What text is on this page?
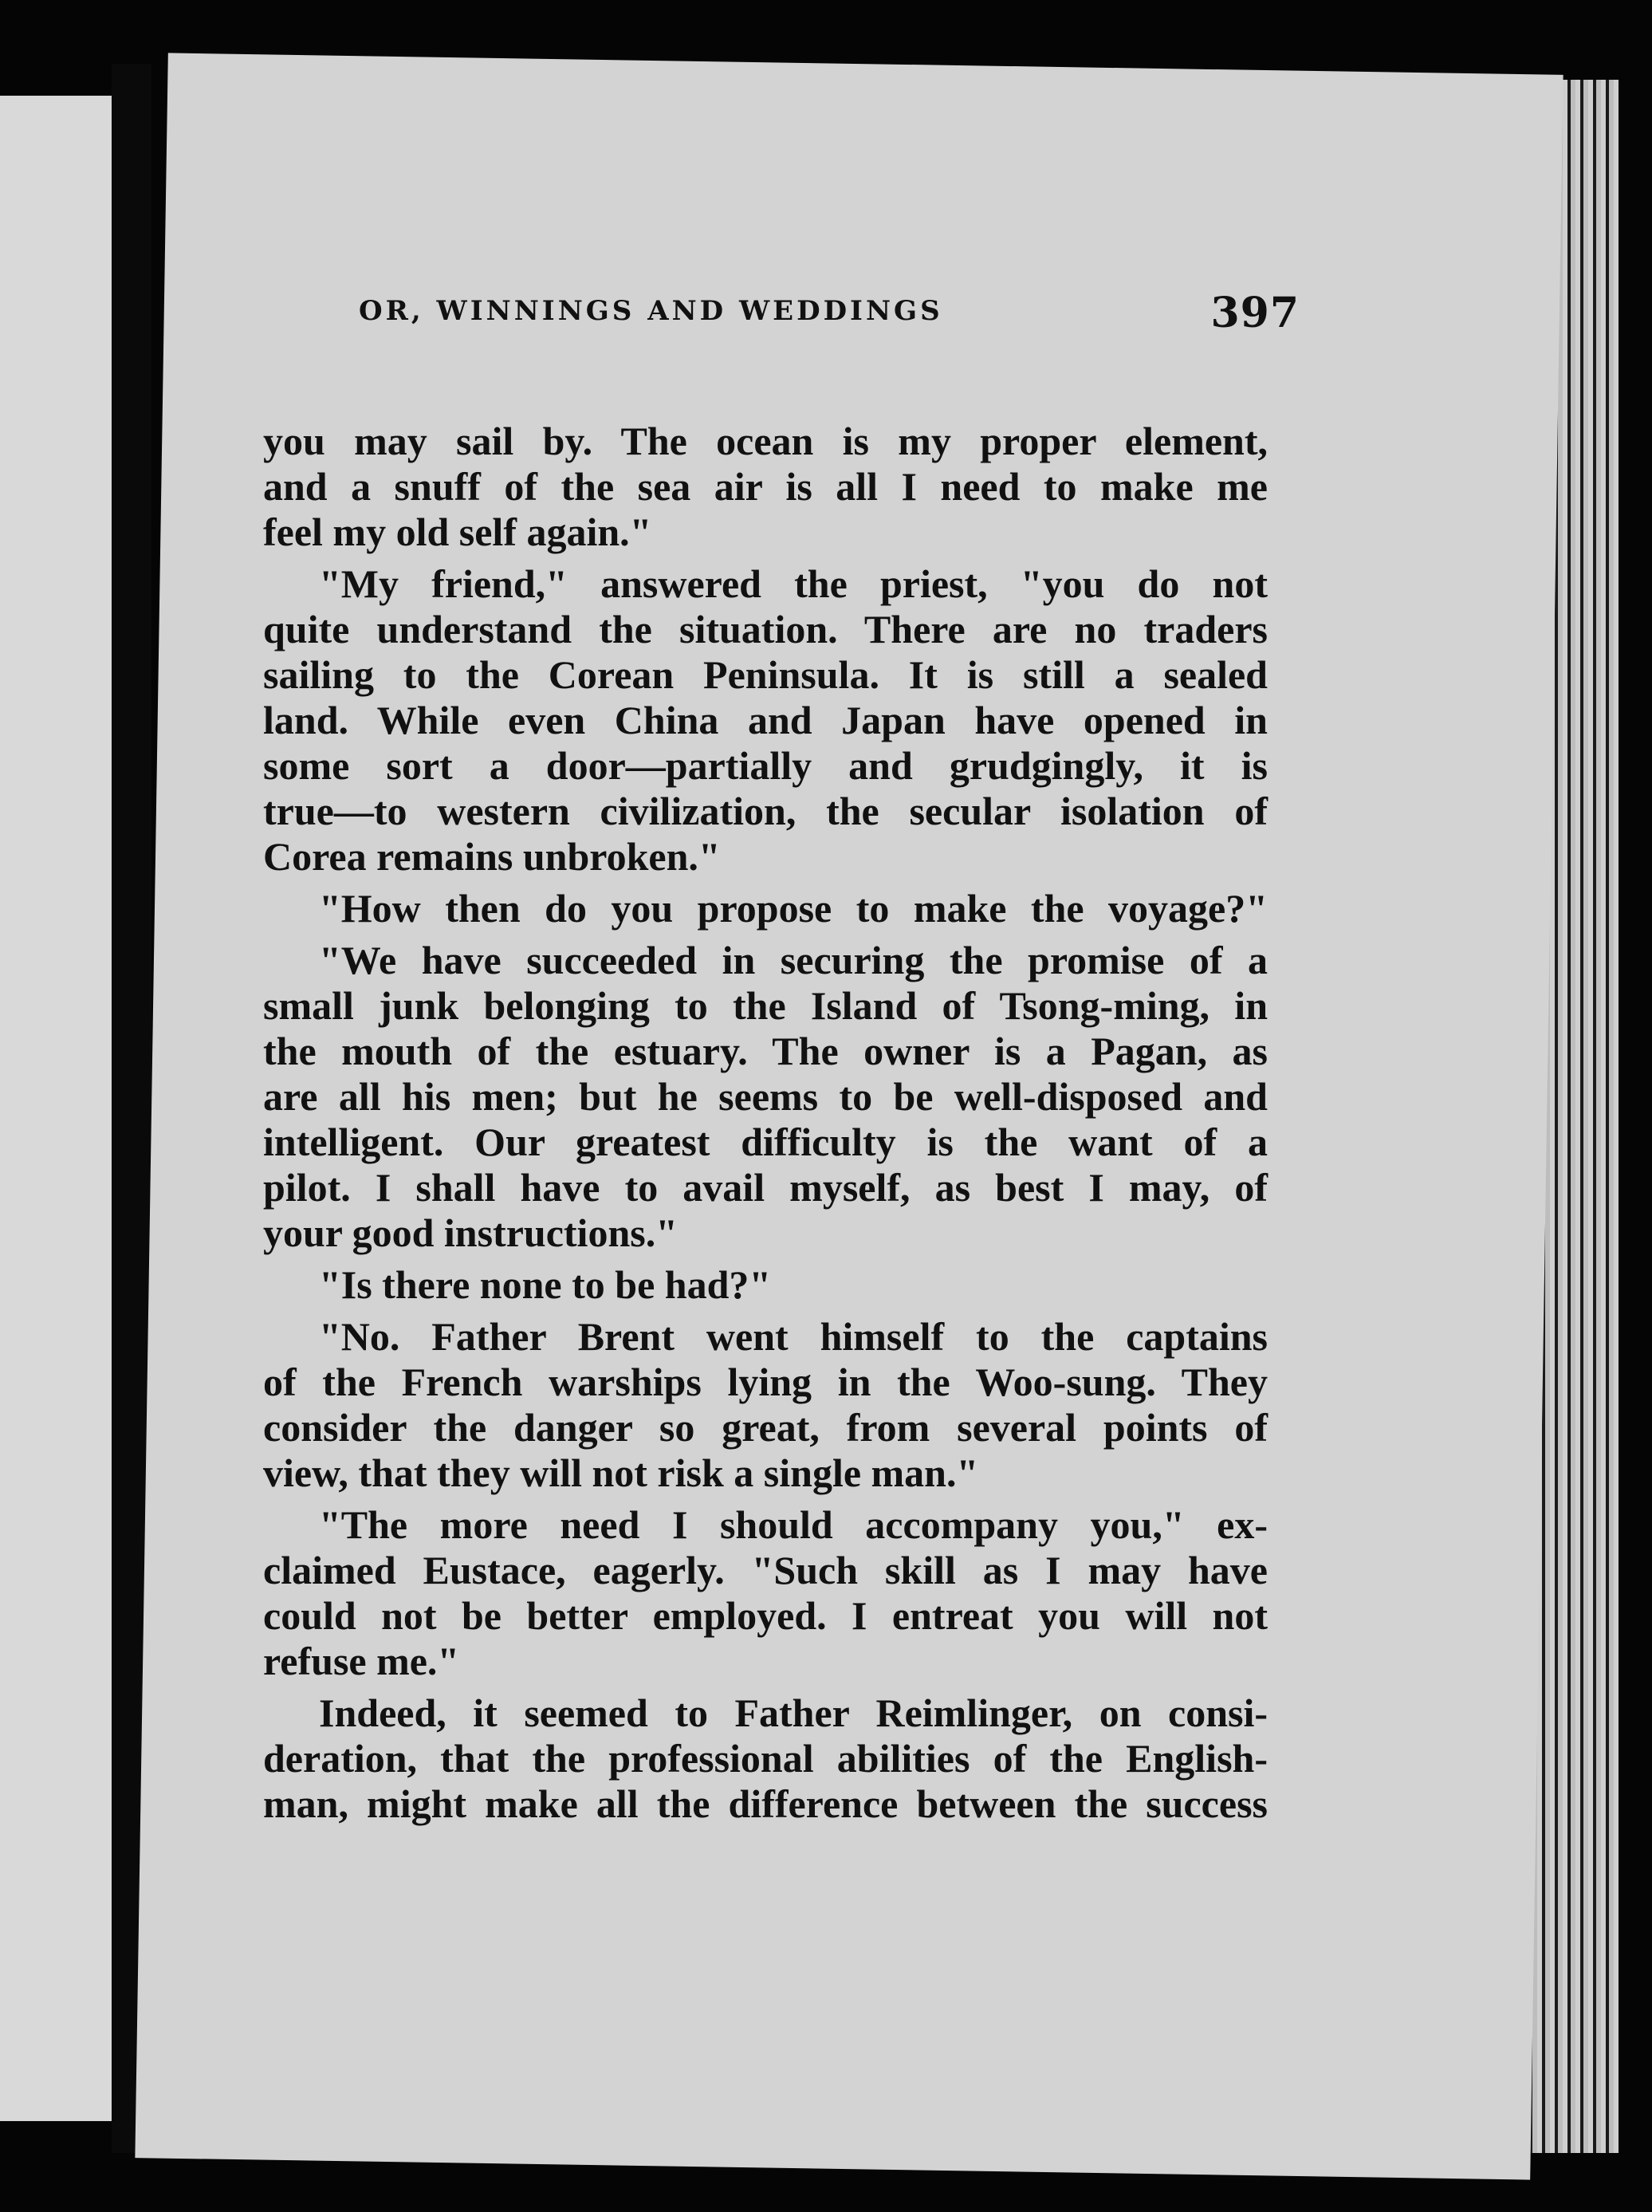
OR, WINNINGS AND WEDDINGS	397

you may sail by. The ocean is my proper element,
and a snuff of the sea air is all I need to make me
feel my old self again."

"My friend," answered the priest, "you do not
quite understand the situation. There are no traders
sailing to the Corean Peninsula. It is still a sealed
land. While even China and Japan have opened in
some sort a door—partially and grudgingly, it is
true—to western civilization, the secular isolation of
Corea remains unbroken."

"How then do you propose to make the voyage?"

"We have succeeded in securing the promise of a
small junk belonging to the Island of Tsong-ming, in
the mouth of the estuary. The owner is a Pagan, as
are all his men; but he seems to be well-disposed and
intelligent. Our greatest difficulty is the want of a
pilot. I shall have to avail myself, as best I may, of
your good instructions."

"Is there none to be had?"

"No. Father Brent went himself to the captains
of the French warships lying in the Woo-sung. They
consider the danger so great, from several points of
view, that they will not risk a single man."

"The more need I should accompany you," ex-
claimed Eustace, eagerly. "Such skill as I may have
could not be better employed. I entreat you will not
refuse me."

Indeed, it seemed to Father Reimlinger, on consi-
deration, that the professional abilities of the English-
man, might make all the difference between the success
